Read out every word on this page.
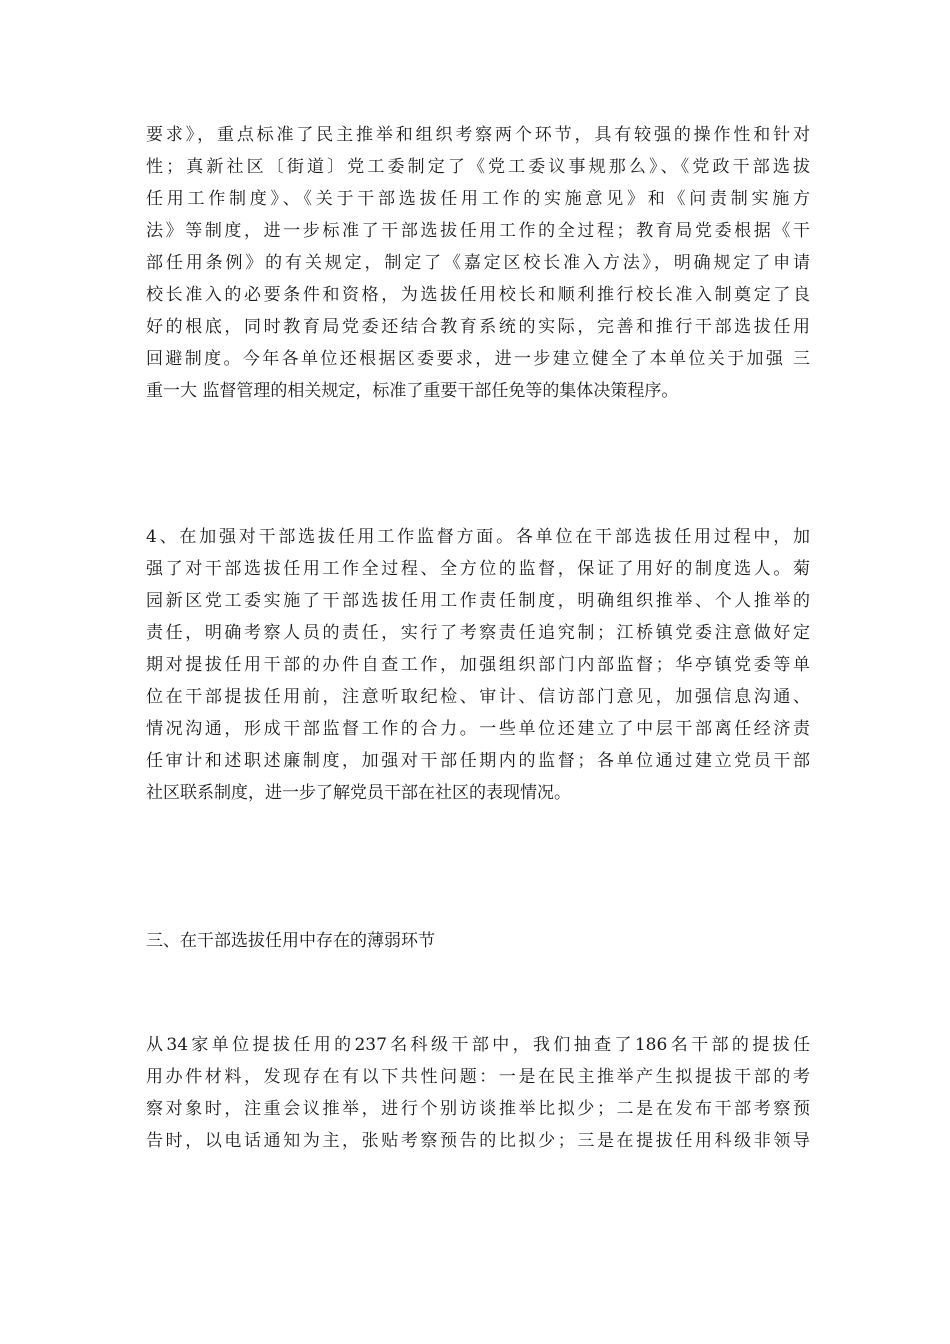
要求》，重点标准了民主推举和组织考察两个环节，具有较强的操作性和针对
性；真新社区〔街道〕党工委制定了《党工委议事规那么》、《党政干部选拔
任用工作制度》、《关于干部选拔任用工作的实施意见》和《问责制实施方
法》等制度，进一步标准了干部选拔任用工作的全过程；教育局党委根据《干
部任用条例》的有关规定，制定了《嘉定区校长准入方法》，明确规定了申请
校长准入的必要条件和资格，为选拔任用校长和顺利推行校长准入制奠定了良
好的根底，同时教育局党委还结合教育系统的实际，完善和推行干部选拔任用
回避制度。今年各单位还根据区委要求，进一步建立健全了本单位关于加强 三
重一大 监督管理的相关规定，标准了重要干部任免等的集体决策程序。
4、在加强对干部选拔任用工作监督方面。各单位在干部选拔任用过程中，加
强了对干部选拔任用工作全过程、全方位的监督，保证了用好的制度选人。菊
园新区党工委实施了干部选拔任用工作责任制度，明确组织推举、个人推举的
责任，明确考察人员的责任，实行了考察责任追究制；江桥镇党委注意做好定
期对提拔任用干部的办件自查工作，加强组织部门内部监督；华亭镇党委等单
位在干部提拔任用前，注意听取纪检、审计、信访部门意见，加强信息沟通、
情况沟通，形成干部监督工作的合力。一些单位还建立了中层干部离任经济责
任审计和述职述廉制度，加强对干部任期内的监督；各单位通过建立党员干部
社区联系制度，进一步了解党员干部在社区的表现情况。
三、在干部选拔任用中存在的薄弱环节
从34家单位提拔任用的237名科级干部中，我们抽查了186名干部的提拔任
用办件材料，发现存在有以下共性问题：一是在民主推举产生拟提拔干部的考
察对象时，注重会议推举，进行个别访谈推举比拟少；二是在发布干部考察预
告时，以电话通知为主，张贴考察预告的比拟少；三是在提拔任用科级非领导
